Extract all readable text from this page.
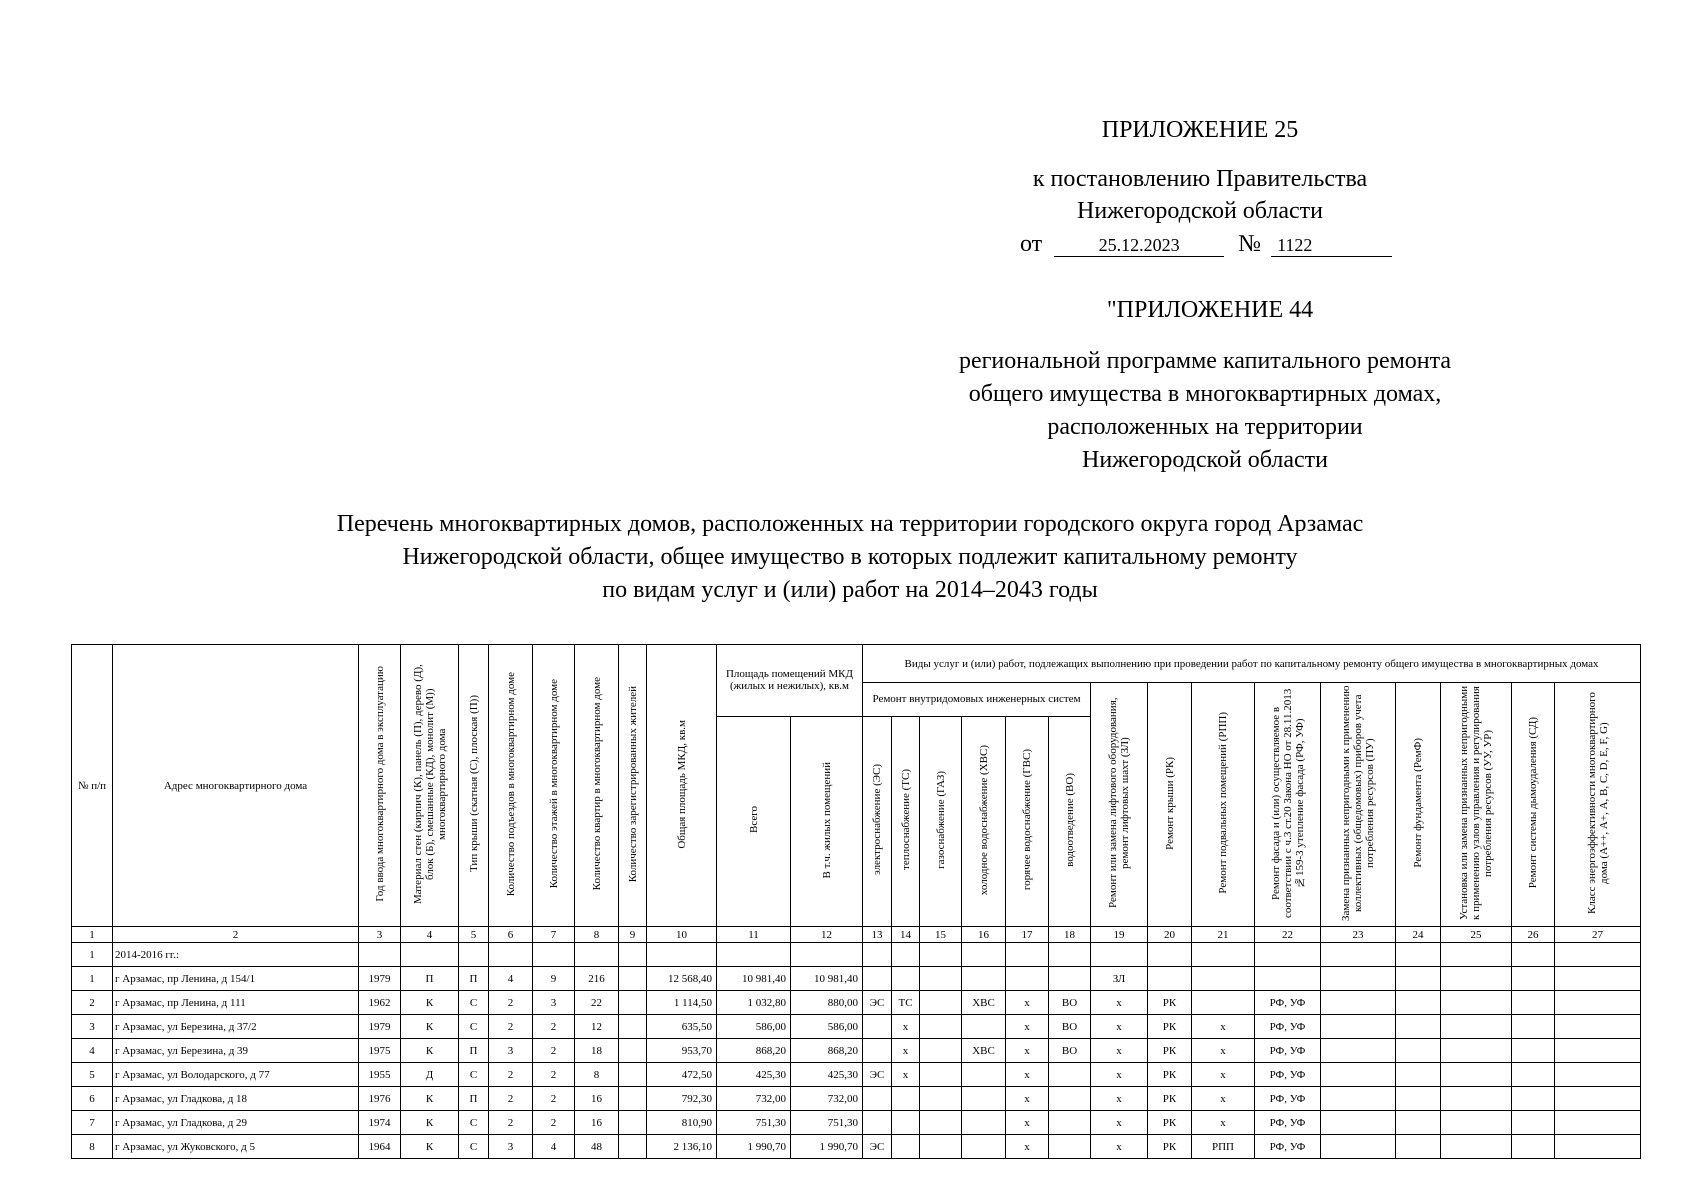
ПРИЛОЖЕНИЕ 25
к постановлению Правительства
Нижегородской области
от	25.12.2023 № 1122
"ПРИЛОЖЕНИЕ 44
региональной программе капитального ремонта
общего имущества в многоквартирных домах,
расположенных на территории
Нижегородской области
Перечень многоквартирных домов, расположенных на территории городского округа город Арзамас
Нижегородской области, общее имущество в которых подлежит капитальному ремонту
по видам услуг и (или) работ на 2014–2043 годы
№ п/п	Адрес многоквартирного дома	Год ввода многоквартирного дома в эксплуатацию	Материал стен (кирпич (К), панель (П), дерево (Д), блок (Б), смешанные (КД), монолит (М)) многоквартирного дома	Тип крыши (скатная (С), плоская (П))	Количество подъездов в многоквартирном доме	Количество этажей в многоквартирном доме	Количество квартир в многоквартирном доме	Количество зарегистрированных жителей	Общая площадь МКД, кв.м	Площадь помещений МКД (жилых и нежилых), кв.м		Виды услуг и (или) работ, подлежащих выполнению при проведении работ по капитальному ремонту общего имущества в многоквартирных домах														
												Ремонт внутридомовых инженерных систем						Ремонт или замена лифтового оборудования, ремонт лифтовых шахт (ЗЛ)	Ремонт крыши (РК)	Ремонт подвальных помещений (РПП)	Ремонт фасада и (или) осуществляемое в соответствии с ч.3 ст.20 Закона НО от 28.11.2013 №159-З утепление фасада (РФ, УФ)	Замена признанных непригодными к применению коллективных (общедомовых) приборов учета потребления ресурсов (ПУ)	Ремонт фундамента (РемФ)	Установка или замена признанных непригодными к применению узлов управления и регулирования потребления ресурсов (УУ, УР)	Ремонт системы дымоудаления (СД)	Класс энергоэффективности многоквартирного дома (А++, А+, А, B, C, D, E, F, G)
										Всего	В т.ч. жилых помещений	электроснабжение (ЭС)	теплоснабжение (ТС)	газоснабжение (ГАЗ)	холодное водоснабжение (ХВС)	горячее водоснабжение (ГВС)	водоотведение (ВО)									
1	2	3	4	5	6	7	8	9	10	11	12	13	14	15	16	17	18	19	20	21	22	23	24	25	26	27
1	2014-2016 гг.:																									
1	г Арзамас, пр Ленина, д 154/1	1979	П	П	4	9	216		12 568,40	10 981,40	10 981,40							ЗЛ								
2	г Арзамас, пр Ленина, д 111	1962	К	С	2	3	22		1 114,50	1 032,80	880,00	ЭС	ТС		ХВС	х	ВО	х	РК		РФ, УФ					
3	г Арзамас, ул Березина, д 37/2	1979	К	С	2	2	12		635,50	586,00	586,00		х			х	ВО	х	РК	х	РФ, УФ					
4	г Арзамас, ул Березина, д 39	1975	К	П	3	2	18		953,70	868,20	868,20		х		ХВС	х	ВО	х	РК	х	РФ, УФ					
5	г Арзамас, ул Володарского, д 77	1955	Д	С	2	2	8		472,50	425,30	425,30	ЭС	х			х		х	РК	х	РФ, УФ					
6	г Арзамас, ул Гладкова, д 18	1976	К	П	2	2	16		792,30	732,00	732,00					х		х	РК	х	РФ, УФ					
7	г Арзамас, ул Гладкова, д 29	1974	К	С	2	2	16		810,90	751,30	751,30					х		х	РК	х	РФ, УФ					
8	г Арзамас, ул Жуковского, д 5	1964	К	С	3	4	48		2 136,10	1 990,70	1 990,70	ЭС				х		х	РК	РПП	РФ, УФ					
